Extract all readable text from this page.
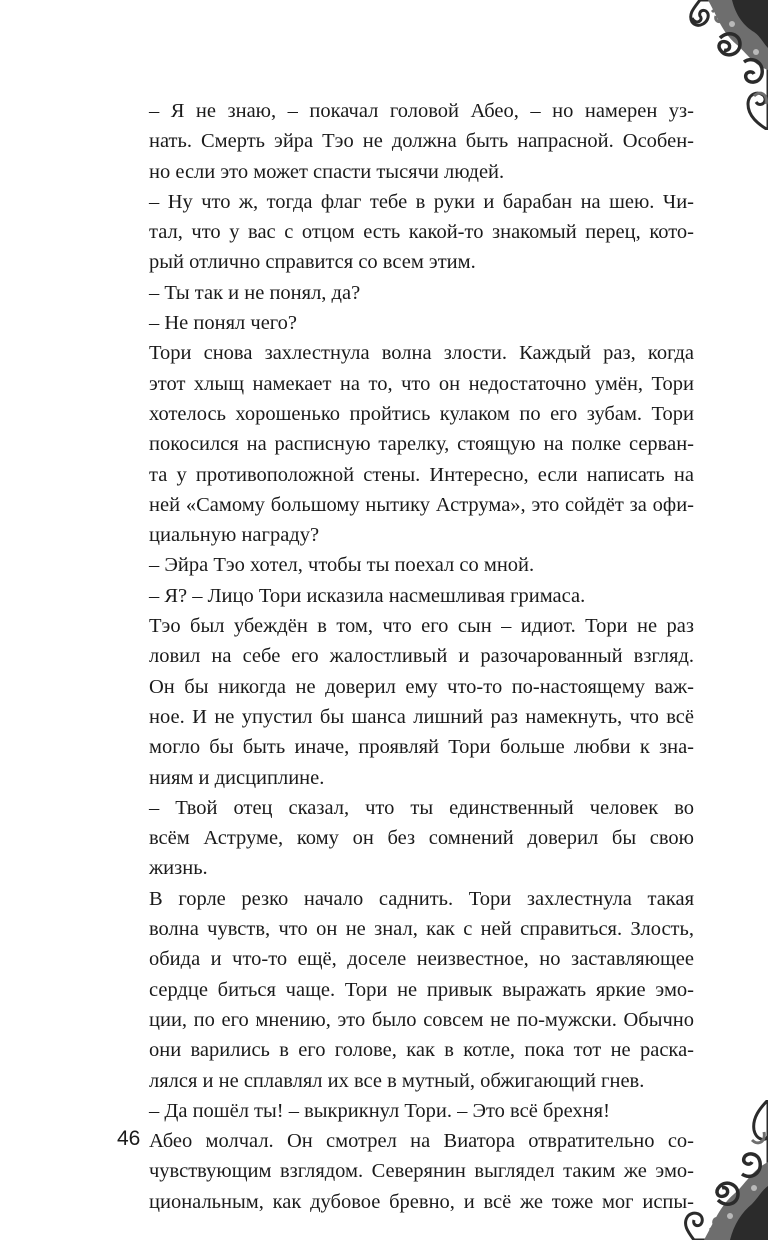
– Я не знаю, – покачал головой Абео, – но намерен уз-
нать. Смерть эйра Тэо не должна быть напрасной. Особен-
но если это может спасти тысячи людей.

– Ну что ж, тогда флаг тебе в руки и барабан на шею. Чи-
тал, что у вас с отцом есть какой-то знакомый перец, кото-
рый отлично справится со всем этим.

– Ты так и не понял, да?

– Не понял чего?

Тори снова захлестнула волна злости. Каждый раз, когда
этот хлыщ намекает на то, что он недостаточно умён, Тори
хотелось хорошенько пройтись кулаком по его зубам. Тори
покосился на расписную тарелку, стоящую на полке серван-
та у противоположной стены. Интересно, если написать на
ней «Самому большому нытику Аструма», это сойдёт за офи-
циальную награду?

– Эйра Тэо хотел, чтобы ты поехал со мной.

– Я? – Лицо Тори исказила насмешливая гримаса.

Тэо был убеждён в том, что его сын – идиот. Тори не раз
ловил на себе его жалостливый и разочарованный взгляд.
Он бы никогда не доверил ему что-то по-настоящему важ-
ное. И не упустил бы шанса лишний раз намекнуть, что всё
могло бы быть иначе, проявляй Тори больше любви к зна-
ниям и дисциплине.

– Твой отец сказал, что ты единственный человек во
всём Аструме, кому он без сомнений доверил бы свою
жизнь.

В горле резко начало саднить. Тори захлестнула такая
волна чувств, что он не знал, как с ней справиться. Злость,
обида и что-то ещё, доселе неизвестное, но заставляющее
сердце биться чаще. Тори не привык выражать яркие эмо-
ции, по его мнению, это было совсем не по-мужски. Обычно
они варились в его голове, как в котле, пока тот не раска-
лялся и не сплавлял их все в мутный, обжигающий гнев.

– Да пошёл ты! – выкрикнул Тори. – Это всё брехня!

Абео молчал. Он смотрел на Виатора отвратительно со-
чувствующим взглядом. Северянин выглядел таким же эмо-
циональным, как дубовое бревно, и всё же тоже мог испы-

46
